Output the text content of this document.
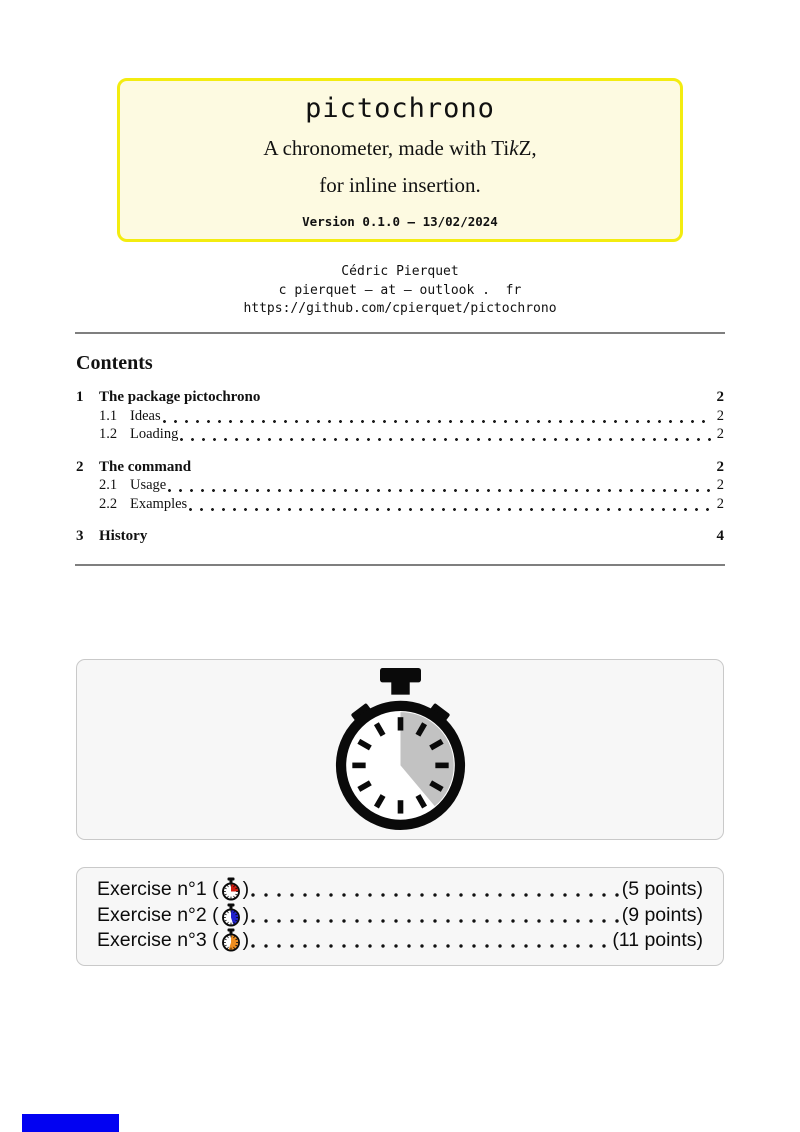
pictochrono
A chronometer, made with TikZ,
for inline insertion.
Version 0.1.0 – 13/02/2024
Cédric Pierquet
c pierquet – at – outlook .  fr
https://github.com/cpierquet/pictochrono
Contents
1	The package pictochrono	2
1.1 Ideas	2
1.2 Loading	2
2	The command	2
2.1 Usage	2
2.2 Examples	2
3	History	4
Exercise n°1 ( )	(5 points)
Exercise n°2 ( )	(9 points)
Exercise n°3 ( )	(11 points)
